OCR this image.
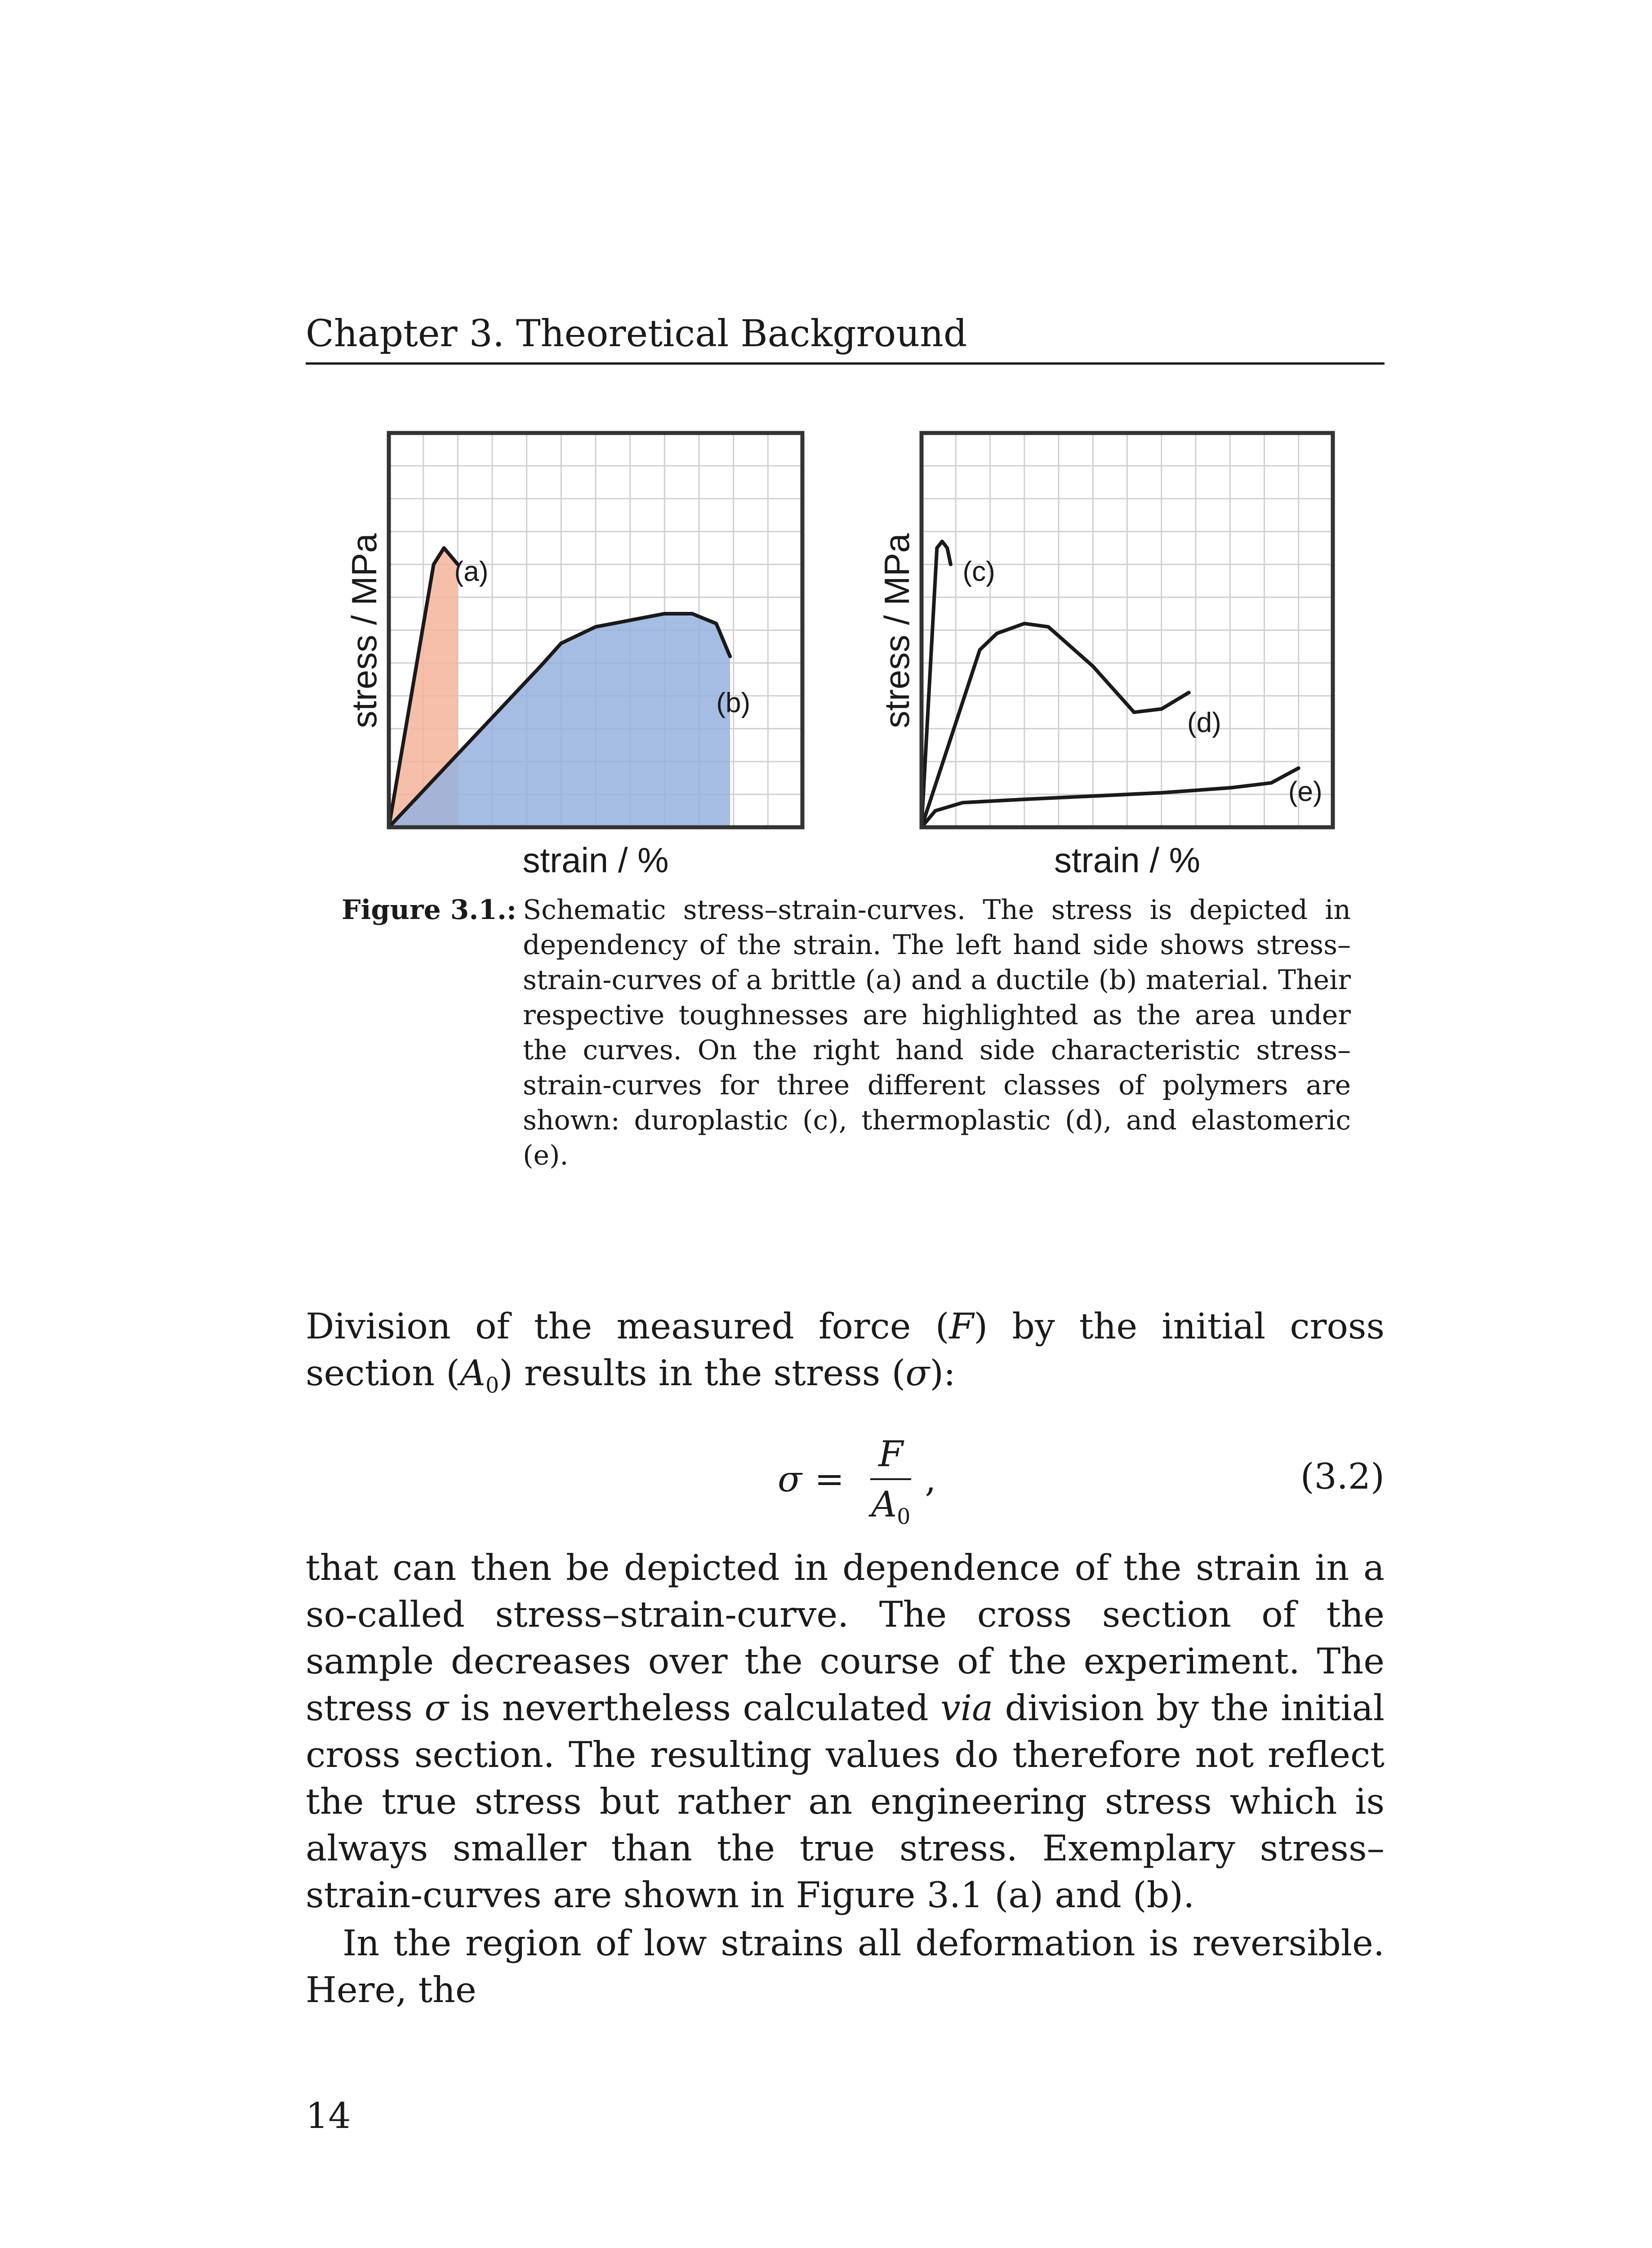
Chapter 3. Theoretical Background
(a)
(b)
strain / %
stress / MPa	(c)
(d)
(e)
strain / %
stress / MPa
Figure 3.1.: Schematic stress–strain-curves. The stress is depicted in dependency of the strain. The left hand side shows stress–strain-curves of a brittle (a) and a ductile (b) material. Their respective toughnesses are highlighted as the area under the curves. On the right hand side characteristic stress–strain-curves for three different classes of polymers are shown: duroplastic (c), thermoplastic (d), and elastomeric (e).
Division of the measured force (F) by the initial cross section $(A_0)$ results in the stress (σ):
$\sigma = \frac{F}{A_0}$ ,	(3.2)
that can then be depicted in dependence of the strain in a so-called stress–strain-curve. The cross section of the sample decreases over the course of the experiment. The stress σ is nevertheless calculated via division by the initial cross section. The resulting values do therefore not reflect the true stress but rather an engineering stress which is always smaller than the true stress. Exemplary stress–strain-curves are shown in Figure 3.1 (a) and (b).
In the region of low strains all deformation is reversible. Here, the
14
